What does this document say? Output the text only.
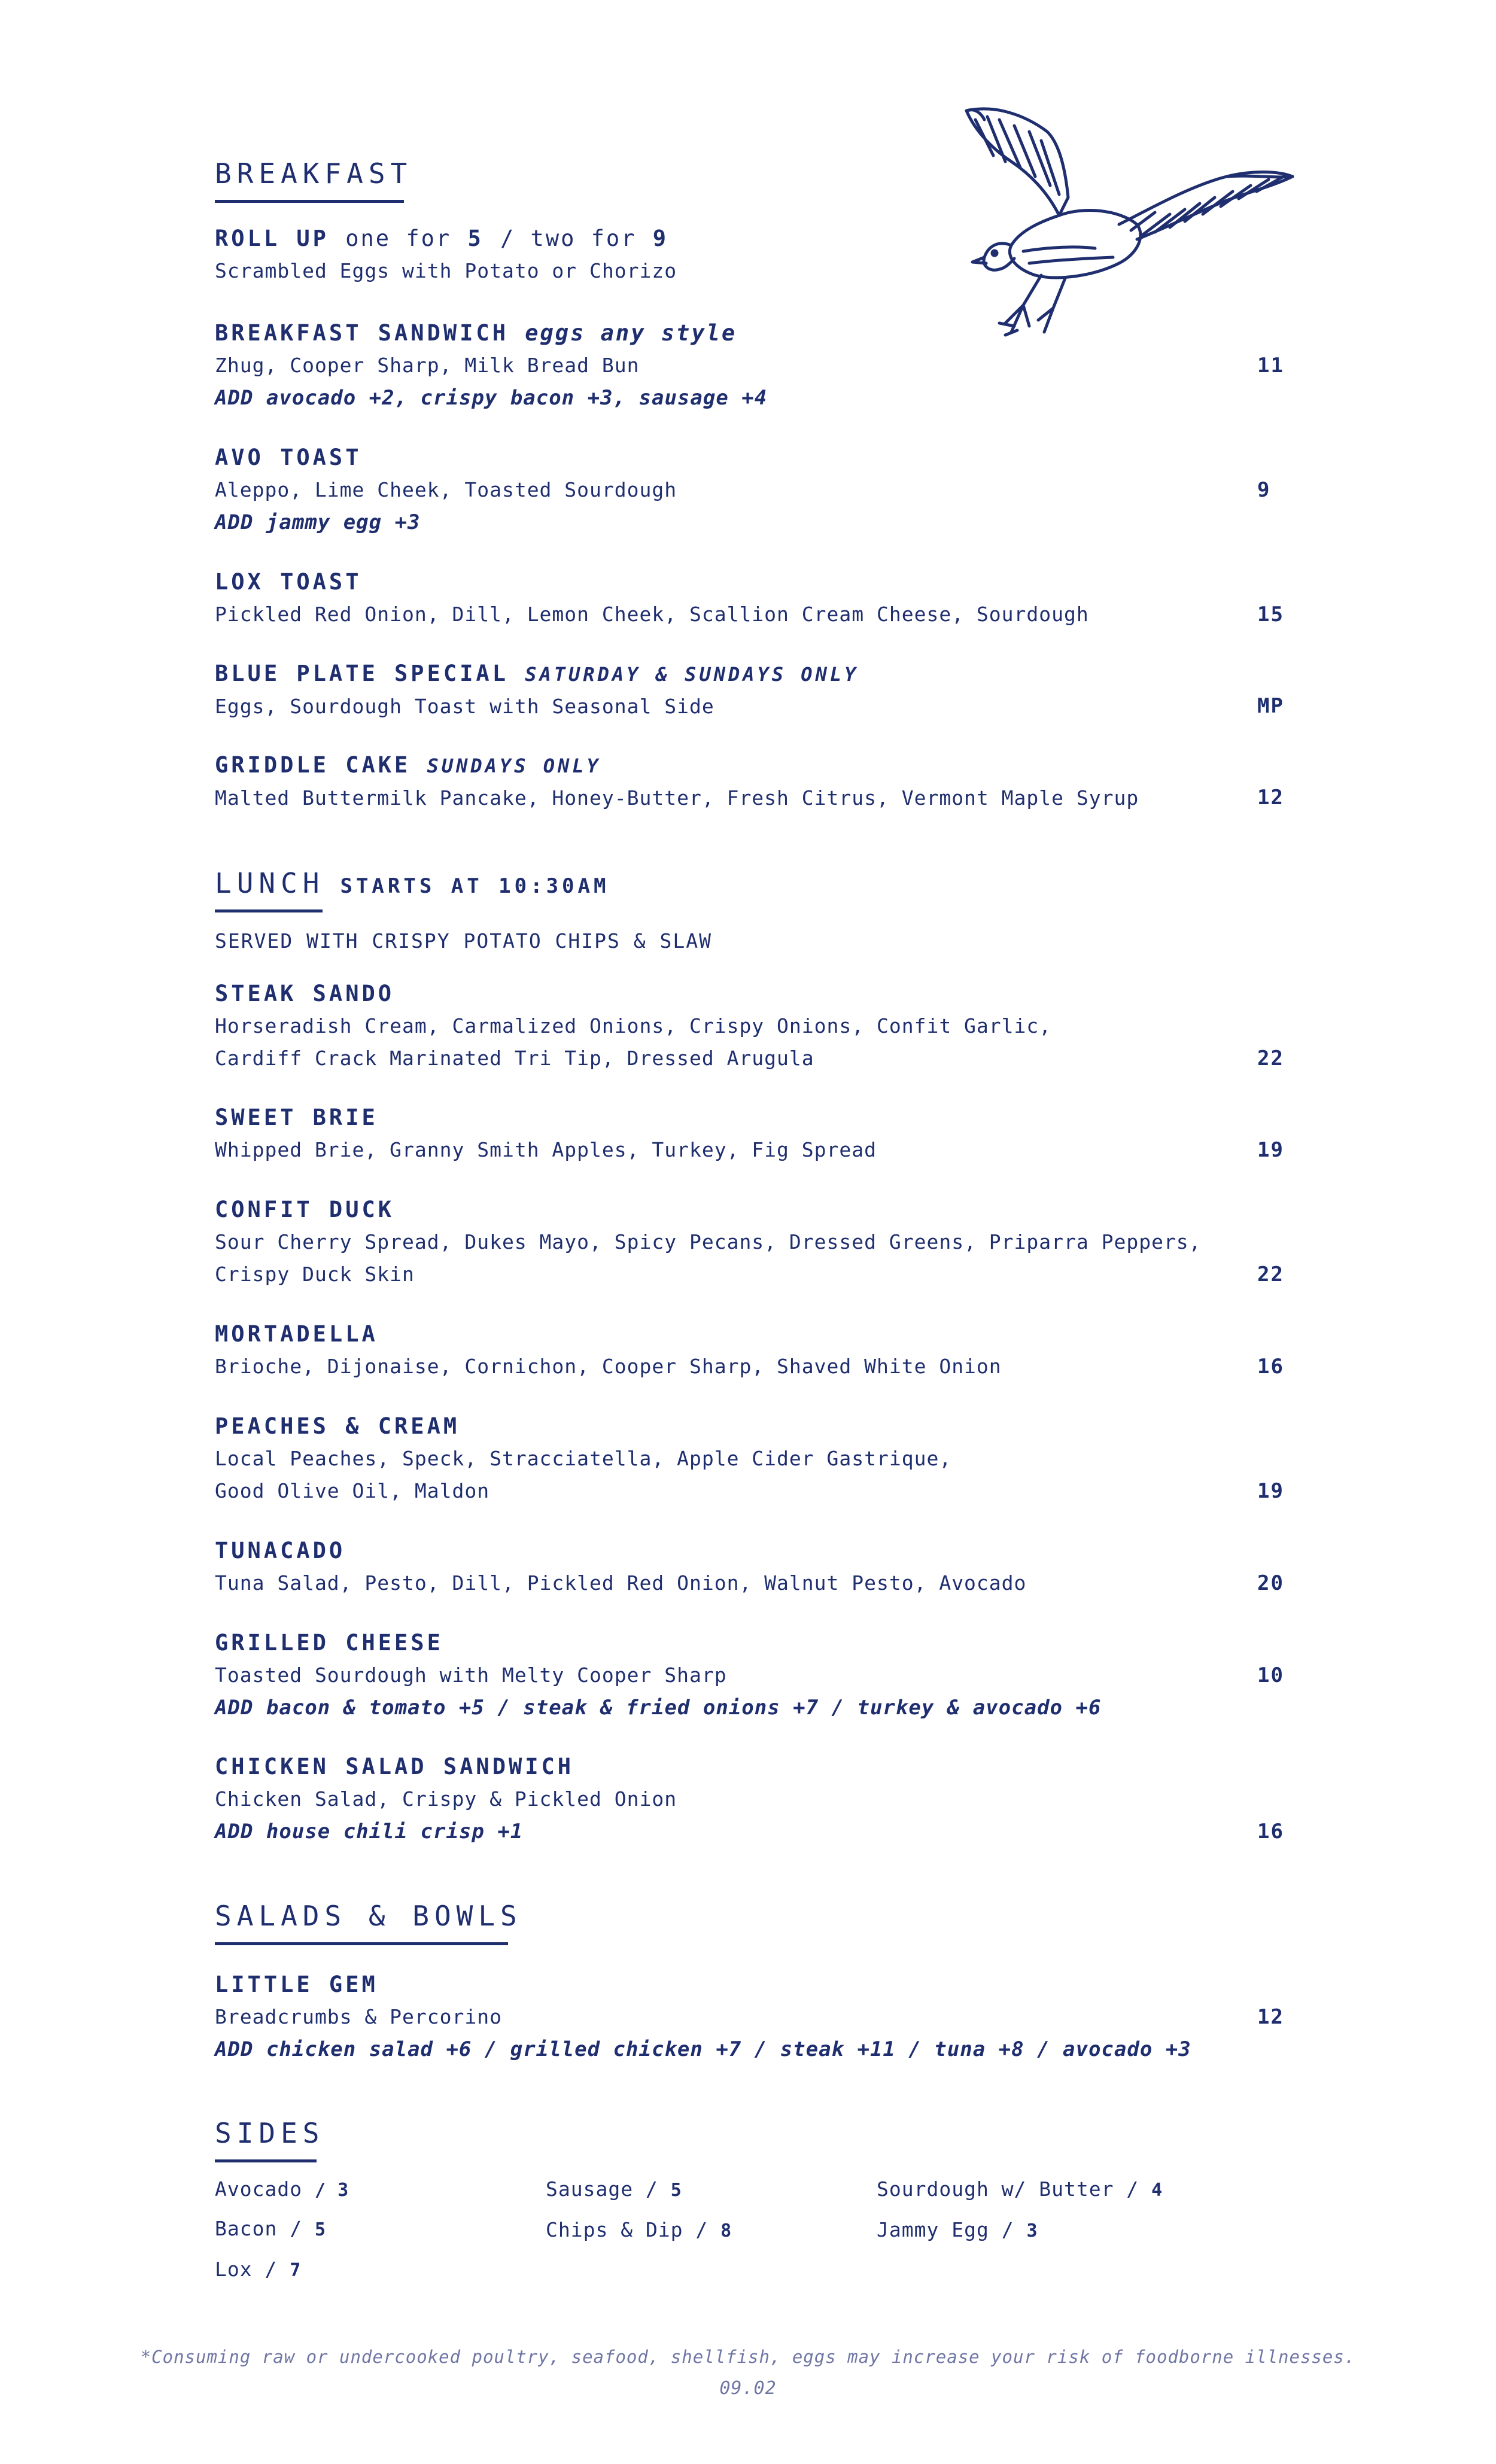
BREAKFAST
ROLL UP one for 5 / two for 9
Scrambled Eggs with Potato or Chorizo
BREAKFAST SANDWICH eggs any style
Zhug, Cooper Sharp, Milk Bread Bun
ADD avocado +2, crispy bacon +3, sausage +4
11
AVO TOAST
Aleppo, Lime Cheek, Toasted Sourdough
ADD jammy egg +3
9
LOX TOAST
Pickled Red Onion, Dill, Lemon Cheek, Scallion Cream Cheese, Sourdough	15
BLUE PLATE SPECIAL SATURDAY & SUNDAYS ONLY
Eggs, Sourdough Toast with Seasonal Side	MP
GRIDDLE CAKE SUNDAYS ONLY
Malted Buttermilk Pancake, Honey-Butter, Fresh Citrus, Vermont Maple Syrup	12
LUNCH STARTS AT 10:30AM
SERVED WITH CRISPY POTATO CHIPS & SLAW
STEAK SANDO
Horseradish Cream, Carmalized Onions, Crispy Onions, Confit Garlic,
Cardiff Crack Marinated Tri Tip, Dressed Arugula	22
SWEET BRIE
Whipped Brie, Granny Smith Apples, Turkey, Fig Spread	19
CONFIT DUCK
Sour Cherry Spread, Dukes Mayo, Spicy Pecans, Dressed Greens, Priparra Peppers,
Crispy Duck Skin	22
MORTADELLA
Brioche, Dijonaise, Cornichon, Cooper Sharp, Shaved White Onion	16
PEACHES & CREAM
Local Peaches, Speck, Stracciatella, Apple Cider Gastrique,
Good Olive Oil, Maldon	19
TUNACADO
Tuna Salad, Pesto, Dill, Pickled Red Onion, Walnut Pesto, Avocado	20
GRILLED CHEESE
Toasted Sourdough with Melty Cooper Sharp
ADD bacon & tomato +5 / steak & fried onions +7 / turkey & avocado +6
10
CHICKEN SALAD SANDWICH
Chicken Salad, Crispy & Pickled Onion
ADD house chili crisp +1	16
SALADS & BOWLS
LITTLE GEM
Breadcrumbs & Percorino
ADD chicken salad +6 / grilled chicken +7 / steak +11 / tuna +8 / avocado +3
12
SIDES
Avocado / 3	Sausage / 5	Sourdough w/ Butter / 4
Bacon / 5	Chips & Dip / 8	Jammy Egg / 3
Lox / 7
*Consuming raw or undercooked poultry, seafood, shellfish, eggs may increase your risk of foodborne illnesses.
09.02
